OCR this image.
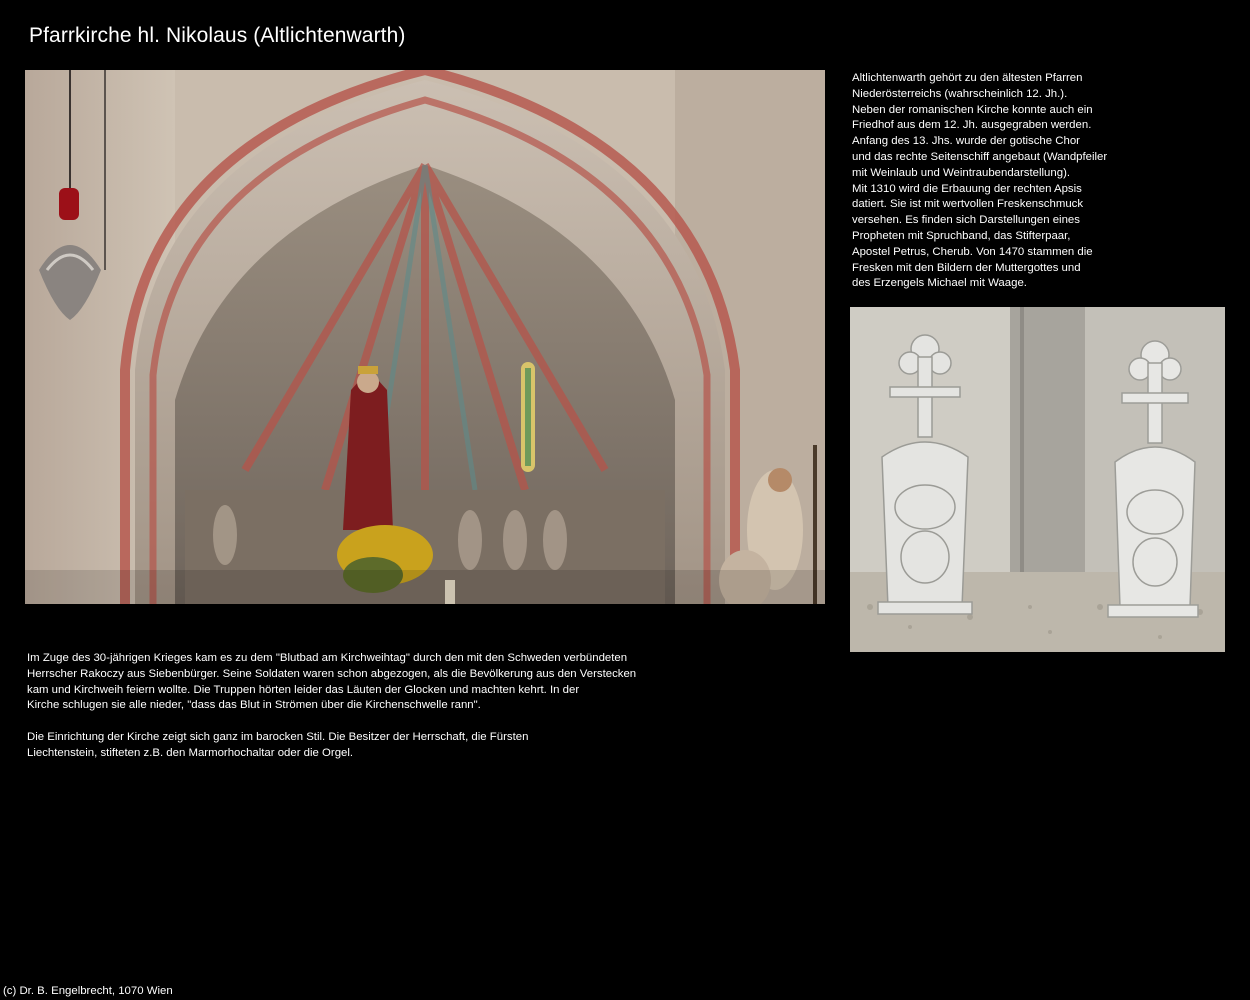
Pfarrkirche hl. Nikolaus (Altlichtenwarth)
Altlichtenwarth gehört zu den ältesten Pfarren
Niederösterreichs (wahrscheinlich 12. Jh.).
Neben der romanischen Kirche konnte auch ein
Friedhof aus dem 12. Jh. ausgegraben werden.
Anfang des 13. Jhs. wurde der gotische Chor
und das rechte Seitenschiff angebaut (Wandpfeiler
mit Weinlaub und Weintraubendarstellung).
Mit 1310 wird die Erbauung der rechten Apsis
datiert. Sie ist mit wertvollen Freskenschmuck
versehen. Es finden sich Darstellungen eines
Propheten mit Spruchband, das Stifterpaar,
Apostel Petrus, Cherub. Von 1470 stammen die
Fresken mit den Bildern der Muttergottes und
des Erzengels Michael mit Waage.
Im Zuge des 30-jährigen Krieges kam es zu dem "Blutbad am Kirchweihtag" durch den mit den Schweden verbündeten
Herrscher Rakoczy aus Siebenbürger. Seine Soldaten waren schon abgezogen, als die Bevölkerung aus den Verstecken
kam und Kirchweih feiern wollte. Die Truppen hörten leider das Läuten der Glocken und machten kehrt. In der
Kirche schlugen sie alle nieder, "dass das Blut in Strömen über die Kirchenschwelle rann".
Die Einrichtung der Kirche zeigt sich ganz im barocken Stil. Die Besitzer der Herrschaft, die Fürsten
Liechtenstein, stifteten z.B. den Marmorhochaltar oder die Orgel.
(c) Dr. B. Engelbrecht, 1070 Wien
